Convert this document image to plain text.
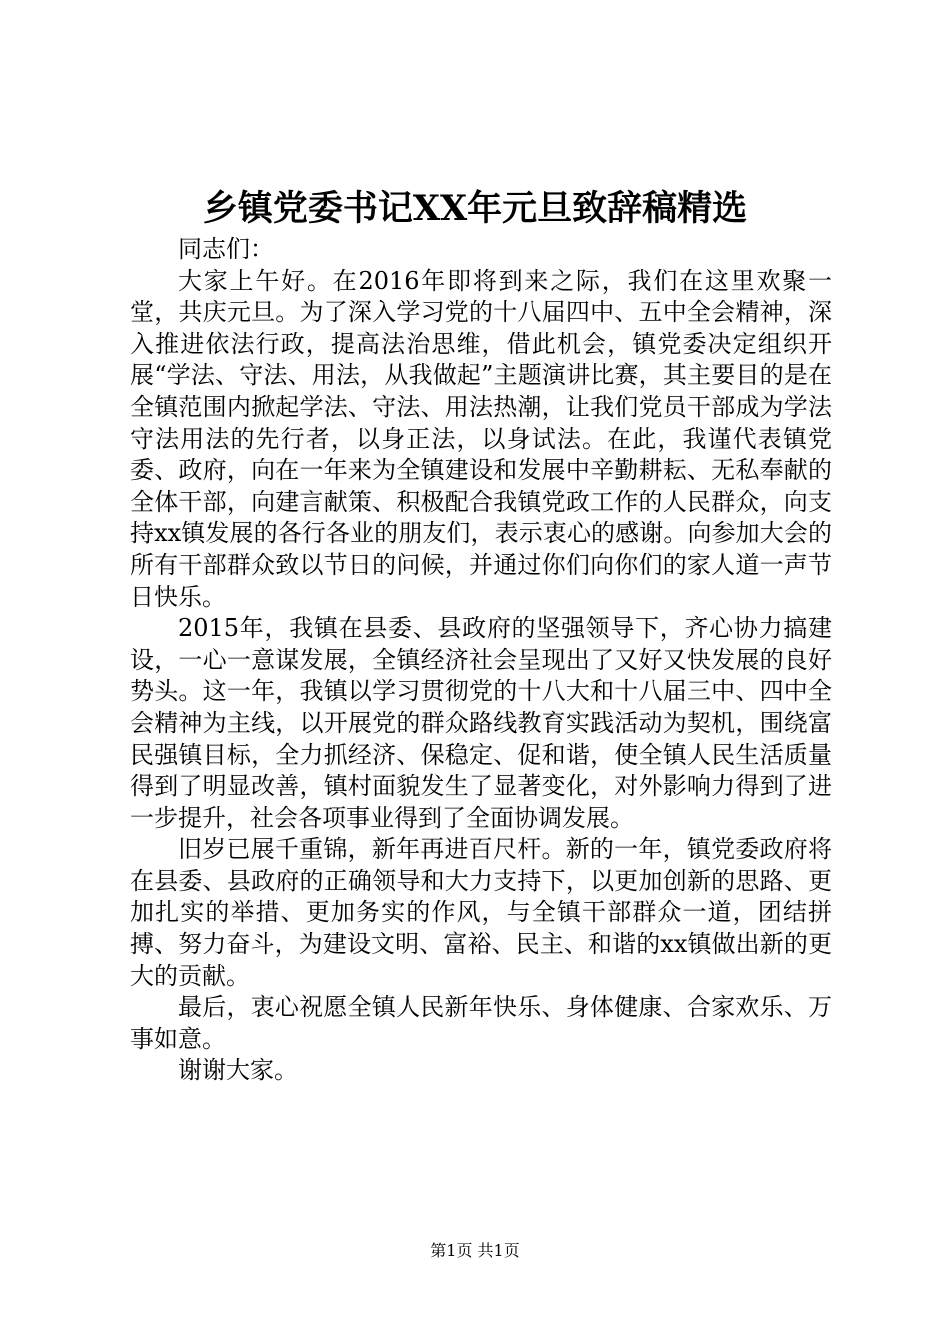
乡镇党委书记XX年元旦致辞稿精选

同志们：

大家上午好。在2016年即将到来之际，我们在这里欢聚一堂，共庆元旦。为了深入学习党的十八届四中、五中全会精神，深入推进依法行政，提高法治思维，借此机会，镇党委决定组织开展“学法、守法、用法，从我做起”主题演讲比赛，其主要目的是在全镇范围内掀起学法、守法、用法热潮，让我们党员干部成为学法守法用法的先行者，以身正法，以身试法。在此，我谨代表镇党委、政府，向在一年来为全镇建设和发展中辛勤耕耘、无私奉献的全体干部，向建言献策、积极配合我镇党政工作的人民群众，向支持xx镇发展的各行各业的朋友们，表示衷心的感谢。向参加大会的所有干部群众致以节日的问候，并通过你们向你们的家人道一声节日快乐。

2015年，我镇在县委、县政府的坚强领导下，齐心协力搞建设，一心一意谋发展，全镇经济社会呈现出了又好又快发展的良好势头。这一年，我镇以学习贯彻党的十八大和十八届三中、四中全会精神为主线，以开展党的群众路线教育实践活动为契机，围绕富民强镇目标，全力抓经济、保稳定、促和谐，使全镇人民生活质量得到了明显改善，镇村面貌发生了显著变化，对外影响力得到了进一步提升，社会各项事业得到了全面协调发展。

旧岁已展千重锦，新年再进百尺杆。新的一年，镇党委政府将在县委、县政府的正确领导和大力支持下，以更加创新的思路、更加扎实的举措、更加务实的作风，与全镇干部群众一道，团结拼搏、努力奋斗，为建设文明、富裕、民主、和谐的xx镇做出新的更大的贡献。

最后，衷心祝愿全镇人民新年快乐、身体健康、合家欢乐、万事如意。

谢谢大家。

第1页 共1页
